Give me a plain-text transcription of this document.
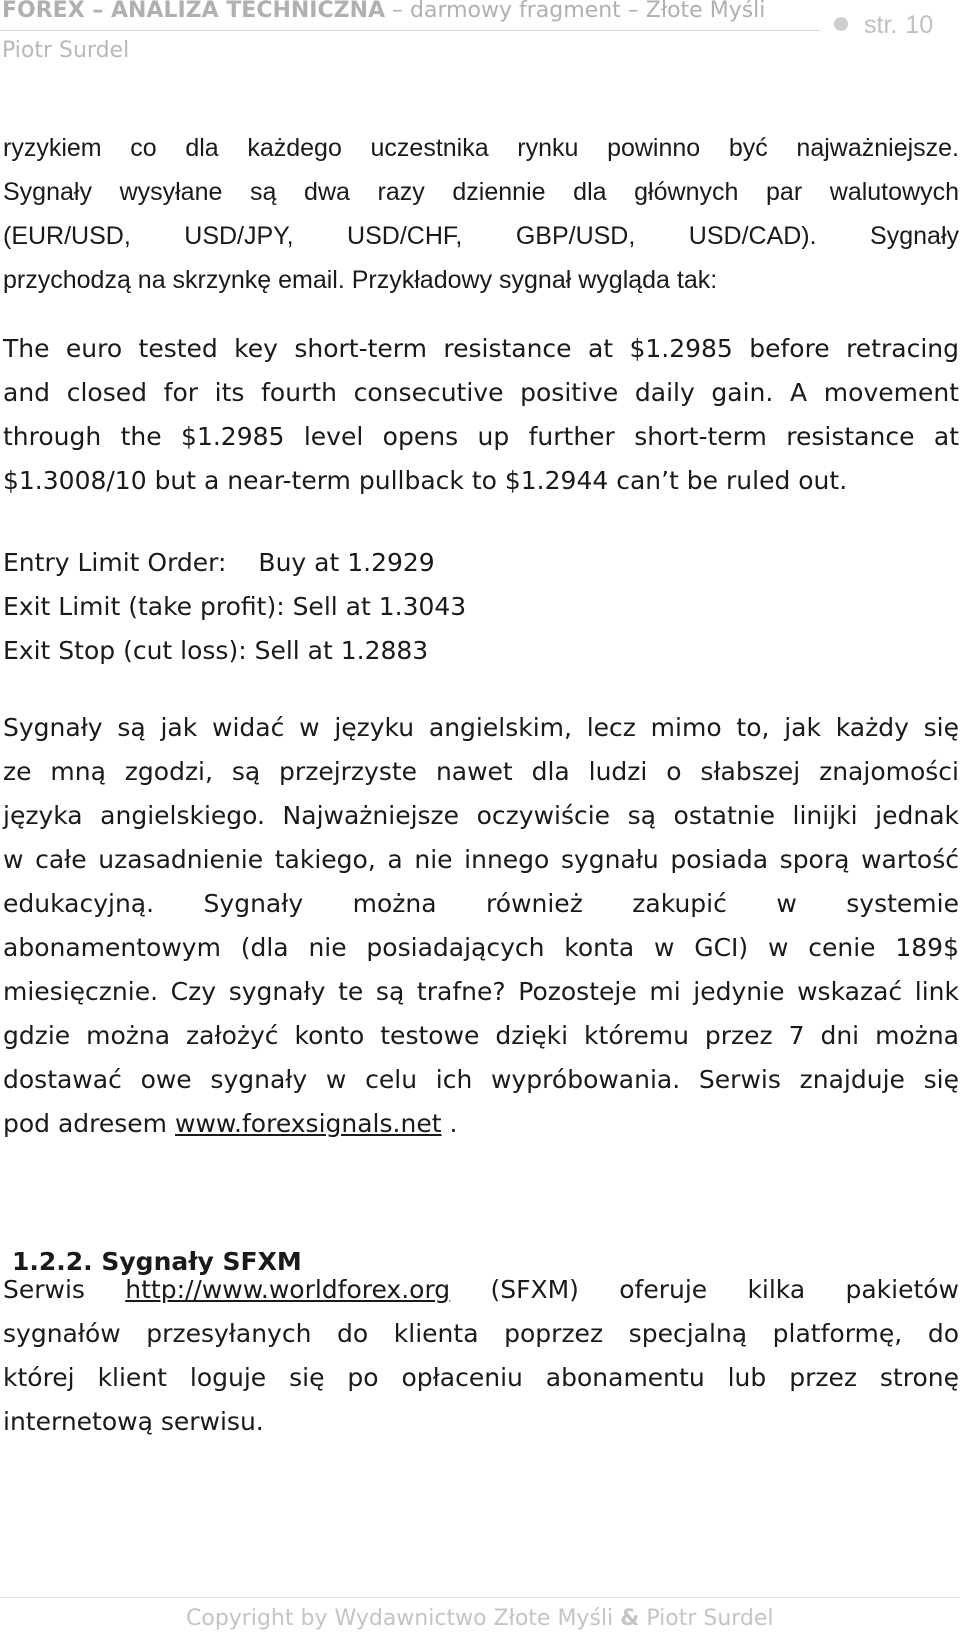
FOREX – ANALIZA TECHNICZNA – darmowy fragment – Złote Myśli
Piotr Surdel
str. 10
ryzykiem co dla każdego uczestnika rynku powinno być najważniejsze.
Sygnały wysyłane są dwa razy dziennie dla głównych par walutowych
(EUR/USD, USD/JPY, USD/CHF, GBP/USD, USD/CAD). Sygnały
przychodzą na skrzynkę email. Przykładowy sygnał wygląda tak:
The euro tested key short-term resistance at $1.2985 before retracing
and closed for its fourth consecutive positive daily gain. A movement
through the $1.2985 level opens up further short-term resistance at
$1.3008/10 but a near-term pullback to $1.2944 can’t be ruled out.
Entry Limit Order: Buy at 1.2929
Exit Limit (take profit): Sell at 1.3043
Exit Stop (cut loss): Sell at 1.2883
Sygnały są jak widać w języku angielskim, lecz mimo to, jak każdy się
ze mną zgodzi, są przejrzyste nawet dla ludzi o słabszej znajomości
języka angielskiego. Najważniejsze oczywiście są ostatnie linijki jednak
w całe uzasadnienie takiego, a nie innego sygnału posiada sporą wartość
edukacyjną. Sygnały można również zakupić w systemie
abonamentowym (dla nie posiadających konta w GCI) w cenie 189$
miesięcznie. Czy sygnały te są trafne? Pozosteje mi jedynie wskazać link
gdzie można założyć konto testowe dzięki któremu przez 7 dni można
dostawać owe sygnały w celu ich wypróbowania. Serwis znajduje się
pod adresem www.forexsignals.net .
1.2.2. Sygnały SFXM
Serwis http://www.worldforex.org (SFXM) oferuje kilka pakietów
sygnałów przesyłanych do klienta poprzez specjalną platformę, do
której klient loguje się po opłaceniu abonamentu lub przez stronę
internetową serwisu.
Copyright by Wydawnictwo Złote Myśli & Piotr Surdel
